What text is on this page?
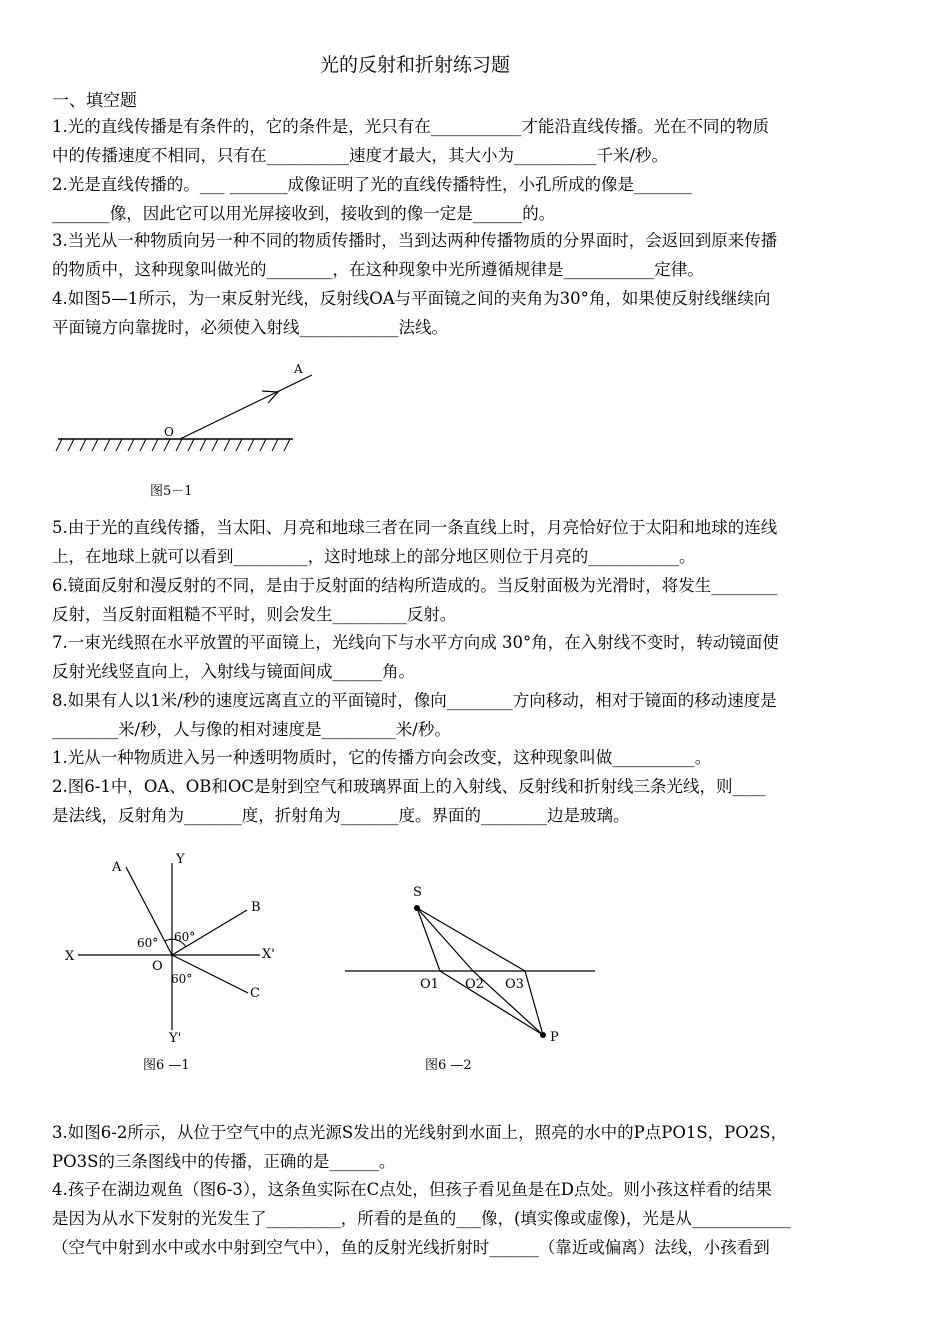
光的反射和折射练习题
一、填空题

1.光的直线传播是有条件的，它的条件是，光只有在___________才能沿直线传播。光在不同的物质

中的传播速度不相同，只有在__________速度才最大，其大小为__________千米/秒。

2.光是直线传播的。___ _______成像证明了光的直线传播特性，小孔所成的像是_______

_______像，因此它可以用光屏接收到，接收到的像一定是______的。

3.当光从一种物质向另一种不同的物质传播时，当到达两种传播物质的分界面时，会返回到原来传播

的物质中，这种现象叫做光的________，在这种现象中光所遵循规律是___________定律。

4.如图5—1所示，为一束反射光线，反射线OA与平面镜之间的夹角为30°角，如果使反射线继续向

平面镜方向靠拢时，必须使入射线____________法线。

A
O
图5－1

5.由于光的直线传播，当太阳、月亮和地球三者在同一条直线上时，月亮恰好位于太阳和地球的连线

上，在地球上就可以看到_________，这时地球上的部分地区则位于月亮的___________。

6.镜面反射和漫反射的不同，是由于反射面的结构所造成的。当反射面极为光滑时，将发生________

反射，当反射面粗糙不平时，则会发生_________反射。

7.一束光线照在水平放置的平面镜上，光线向下与水平方向成 30°角，在入射线不变时，转动镜面使

反射光线竖直向上，入射线与镜面间成______角。

8.如果有人以1米/秒的速度远离直立的平面镜时，像向________方向移动，相对于镜面的移动速度是

________米/秒，人与像的相对速度是_________米/秒。

1.光从一种物质进入另一种透明物质时，它的传播方向会改变，这种现象叫做__________。

2.图6-1中，OA、OB和OC是射到空气和玻璃界面上的入射线、反射线和折射线三条光线，则____

是法线，反射角为_______度，折射角为_______度。界面的________边是玻璃。

A
Y
B
X	X'
O
C
Y'
60° 60°
60°
图6 —1
S
O1 O2 O3
P
图6 —2

3.如图6-2所示，从位于空气中的点光源S发出的光线射到水面上，照亮的水中的P点PO1S，PO2S，

PO3S的三条图线中的传播，正确的是______。

4.孩子在湖边观鱼（图6-3），这条鱼实际在C点处，但孩子看见鱼是在D点处。则小孩这样看的结果

是因为从水下发射的光发生了_________，所看的是鱼的___像，(填实像或虚像)，光是从____________

（空气中射到水中或水中射到空气中），鱼的反射光线折射时______（靠近或偏离）法线，小孩看到
